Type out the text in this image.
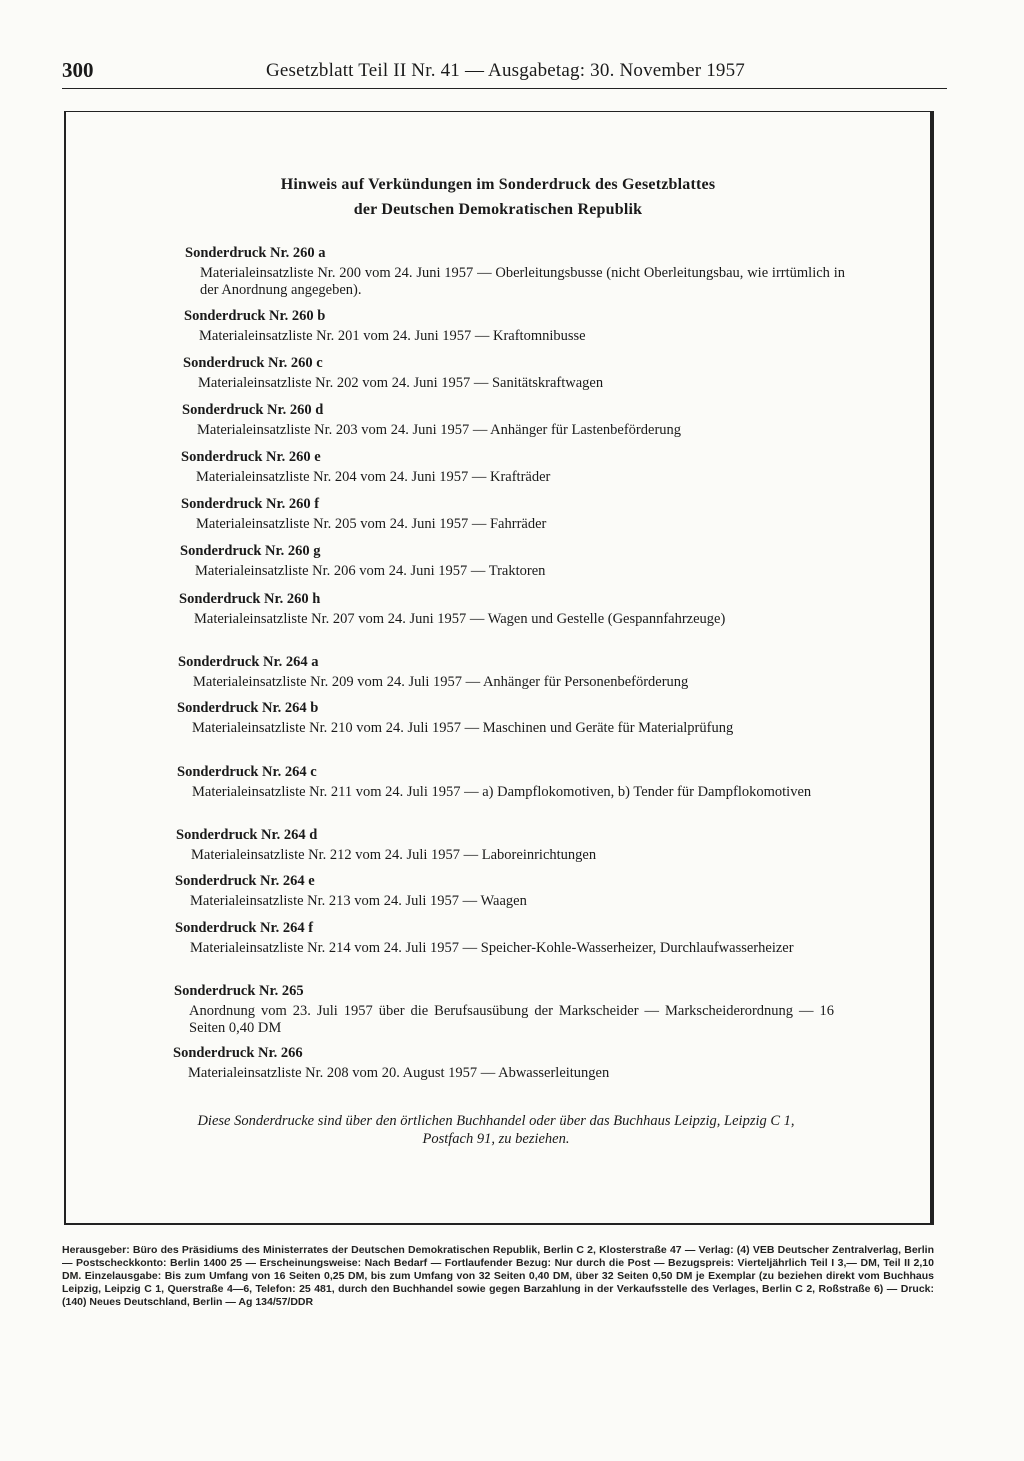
300	Gesetzblatt Teil II Nr. 41 — Ausgabetag: 30. November 1957
Hinweis auf Verkündungen im Sonderdruck des Gesetzblattes
der Deutschen Demokratischen Republik
Sonderdruck Nr. 260 a
Materialeinsatzliste Nr. 200 vom 24. Juni 1957 — Oberleitungsbusse (nicht Oberleitungsbau, wie irrtümlich in der Anordnung angegeben).
Sonderdruck Nr. 260 b
Materialeinsatzliste Nr. 201 vom 24. Juni 1957 — Kraftomnibusse
Sonderdruck Nr. 260 c
Materialeinsatzliste Nr. 202 vom 24. Juni 1957 — Sanitätskraftwagen
Sonderdruck Nr. 260 d
Materialeinsatzliste Nr. 203 vom 24. Juni 1957 — Anhänger für Lastenbeförderung
Sonderdruck Nr. 260 e
Materialeinsatzliste Nr. 204 vom 24. Juni 1957 — Krafträder
Sonderdruck Nr. 260 f
Materialeinsatzliste Nr. 205 vom 24. Juni 1957 — Fahrräder
Sonderdruck Nr. 260 g
Materialeinsatzliste Nr. 206 vom 24. Juni 1957 — Traktoren
Sonderdruck Nr. 260 h
Materialeinsatzliste Nr. 207 vom 24. Juni 1957 — Wagen und Gestelle (Gespannfahrzeuge)
Sonderdruck Nr. 264 a
Materialeinsatzliste Nr. 209 vom 24. Juli 1957 — Anhänger für Personenbeförderung
Sonderdruck Nr. 264 b
Materialeinsatzliste Nr. 210 vom 24. Juli 1957 — Maschinen und Geräte für Materialprüfung
Sonderdruck Nr. 264 c
Materialeinsatzliste Nr. 211 vom 24. Juli 1957 — a) Dampflokomotiven, b) Tender für Dampflokomotiven
Sonderdruck Nr. 264 d
Materialeinsatzliste Nr. 212 vom 24. Juli 1957 — Laboreinrichtungen
Sonderdruck Nr. 264 e
Materialeinsatzliste Nr. 213 vom 24. Juli 1957 — Waagen
Sonderdruck Nr. 264 f
Materialeinsatzliste Nr. 214 vom 24. Juli 1957 — Speicher-Kohle-Wasserheizer, Durchlaufwasserheizer
Sonderdruck Nr. 265
Anordnung vom 23. Juli 1957 über die Berufsausübung der Markscheider — Markscheiderordnung — 16 Seiten 0,40 DM
Sonderdruck Nr. 266
Materialeinsatzliste Nr. 208 vom 20. August 1957 — Abwasserleitungen
Diese Sonderdrucke sind über den örtlichen Buchhandel oder über das Buchhaus Leipzig, Leipzig C 1, Postfach 91, zu beziehen.
Herausgeber: Büro des Präsidiums des Ministerrates der Deutschen Demokratischen Republik, Berlin C 2, Klosterstraße 47 — Verlag: (4) VEB Deutscher Zentralverlag, Berlin — Postscheckkonto: Berlin 1400 25 — Erscheinungsweise: Nach Bedarf — Fortlaufender Bezug: Nur durch die Post — Bezugspreis: Vierteljährlich Teil I 3,— DM, Teil II 2,10 DM. Einzelausgabe: Bis zum Umfang von 16 Seiten 0,25 DM, bis zum Umfang von 32 Seiten 0,40 DM, über 32 Seiten 0,50 DM je Exemplar (zu beziehen direkt vom Buchhaus Leipzig, Leipzig C 1, Querstraße 4—6, Telefon: 25 481, durch den Buchhandel sowie gegen Barzahlung in der Verkaufsstelle des Verlages, Berlin C 2, Roßstraße 6) — Druck: (140) Neues Deutschland, Berlin — Ag 134/57/DDR
